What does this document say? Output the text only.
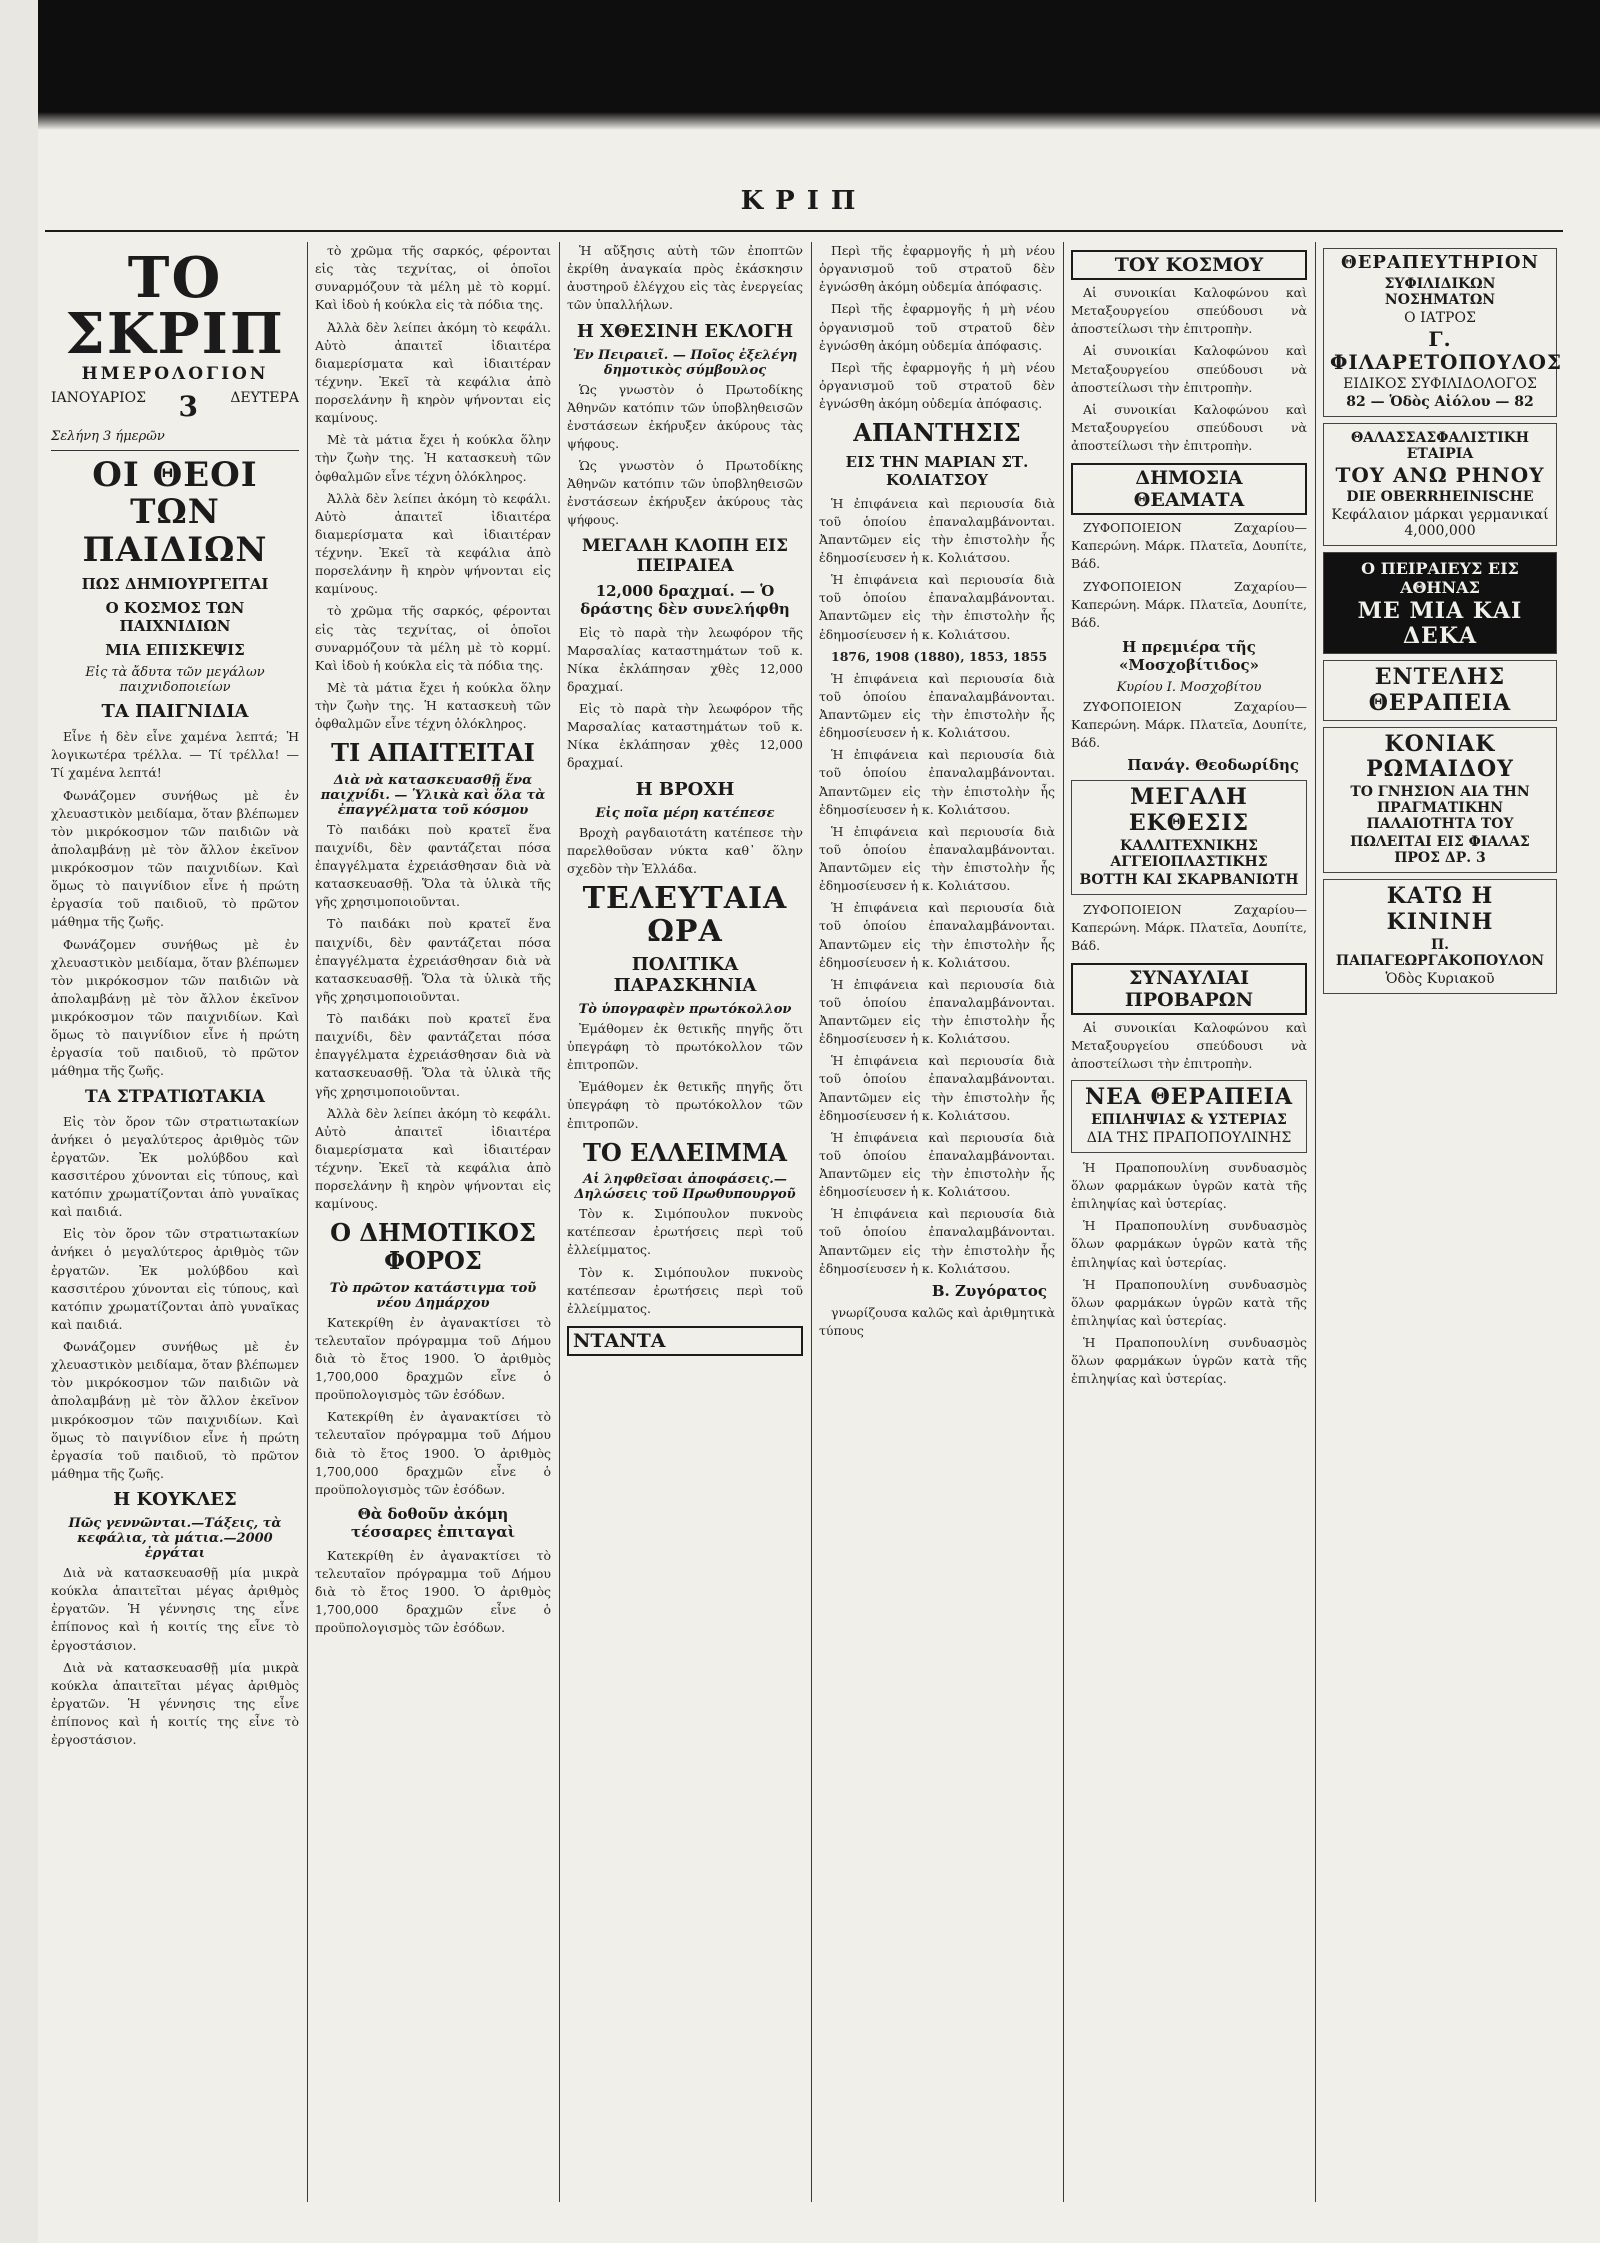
ΚΡΙΠ
ΤΟ ΣΚΡΙΠ
ΗΜΕΡΟΛΟΓΙΟΝ
ΙΑΝΟΥΑΡΙΟΣ 3 ΔΕΥΤΕΡΑ
Σελήνη 3 ήμερῶν
ΟΙ ΘΕΟΙ
ΤΩΝ ΠΑΙΔΙΩΝ
ΠΩΣ ΔΗΜΙΟΥΡΓΕΙΤΑΙ
Ο ΚΟΣΜΟΣ ΤΩΝ ΠΑΙΧΝΙΔΙΩΝ
ΜΙΑ ΕΠΙΣΚΕΨΙΣ
Εἰς τὰ ἄδυτα τῶν μεγάλων παιχνιδοποιείων
ΤΑ ΠΑΙΓΝΙΔΙΑ

Εἶνε ἡ δὲν εἶνε χαμένα λεπτά; Ἡ λογικωτέρα τρέλλα. — Τί τρέλλα! — Τί χαμένα λεπτά!

Φωνάζομεν συνήθως μὲ ἐν χλευαστικὸν μειδίαμα, ὅταν βλέπωμεν τὸν μικρόκοσμον τῶν παιδιῶν νὰ ἀπολαμβάνῃ μὲ τὸν ἄλλον ἐκεῖνον μικρόκοσμον τῶν παιχνιδίων. Καὶ ὅμως τὸ παιγνίδιον εἶνε ἡ πρώτη ἐργασία τοῦ παιδιοῦ, τὸ πρῶτον μάθημα τῆς ζωῆς.

Φωνάζομεν συνήθως μὲ ἐν χλευαστικὸν μειδίαμα, ὅταν βλέπωμεν τὸν μικρόκοσμον τῶν παιδιῶν νὰ ἀπολαμβάνῃ μὲ τὸν ἄλλον ἐκεῖνον μικρόκοσμον τῶν παιχνιδίων. Καὶ ὅμως τὸ παιγνίδιον εἶνε ἡ πρώτη ἐργασία τοῦ παιδιοῦ, τὸ πρῶτον μάθημα τῆς ζωῆς.

ΤΑ ΣΤΡΑΤΙΩΤΑΚΙΑ

Εἰς τὸν ὅρον τῶν στρατιωτακίων ἀνήκει ὁ μεγαλύτερος ἀριθμὸς τῶν ἐργατῶν. Ἐκ μολύβδου καὶ κασσιτέρου χύνονται εἰς τύπους, καὶ κατόπιν χρωματίζονται ἀπὸ γυναῖκας καὶ παιδιά.

Εἰς τὸν ὅρον τῶν στρατιωτακίων ἀνήκει ὁ μεγαλύτερος ἀριθμὸς τῶν ἐργατῶν. Ἐκ μολύβδου καὶ κασσιτέρου χύνονται εἰς τύπους, καὶ κατόπιν χρωματίζονται ἀπὸ γυναῖκας καὶ παιδιά.

Φωνάζομεν συνήθως μὲ ἐν χλευαστικὸν μειδίαμα, ὅταν βλέπωμεν τὸν μικρόκοσμον τῶν παιδιῶν νὰ ἀπολαμβάνῃ μὲ τὸν ἄλλον ἐκεῖνον μικρόκοσμον τῶν παιχνιδίων. Καὶ ὅμως τὸ παιγνίδιον εἶνε ἡ πρώτη ἐργασία τοῦ παιδιοῦ, τὸ πρῶτον μάθημα τῆς ζωῆς.

Η ΚΟΥΚΛΕΣ
Πῶς γεννῶνται.—Τάξεις, τὰ κεφάλια, τὰ μάτια.—2000 ἐργάται

Διὰ νὰ κατασκευασθῇ μία μικρὰ κούκλα ἀπαιτεῖται μέγας ἀριθμὸς ἐργατῶν. Ἡ γέννησις της εἶνε ἐπίπονος καὶ ἡ κοιτίς της εἶνε τὸ ἐργοστάσιον.

Διὰ νὰ κατασκευασθῇ μία μικρὰ κούκλα ἀπαιτεῖται μέγας ἀριθμὸς ἐργατῶν. Ἡ γέννησις της εἶνε ἐπίπονος καὶ ἡ κοιτίς της εἶνε τὸ ἐργοστάσιον.

τὸ χρῶμα τῆς σαρκός, φέρονται εἰς τὰς τεχνίτας, οἱ ὁποῖοι συναρμόζουν τὰ μέλη μὲ τὸ κορμί. Καὶ ἰδοὺ ἡ κούκλα εἰς τὰ πόδια της.

Ἀλλὰ δὲν λείπει ἀκόμη τὸ κεφάλι. Αὐτὸ ἀπαιτεῖ ἰδιαιτέρα διαμερίσματα καὶ ἰδιαιτέραν τέχνην. Ἐκεῖ τὰ κεφάλια ἀπὸ πορσελάνην ἢ κηρὸν ψήνονται εἰς καμίνους.

Μὲ τὰ μάτια ἔχει ἡ κούκλα ὅλην τὴν ζωὴν της. Ἡ κατασκευὴ τῶν ὀφθαλμῶν εἶνε τέχνη ὁλόκληρος.

Ἀλλὰ δὲν λείπει ἀκόμη τὸ κεφάλι. Αὐτὸ ἀπαιτεῖ ἰδιαιτέρα διαμερίσματα καὶ ἰδιαιτέραν τέχνην. Ἐκεῖ τὰ κεφάλια ἀπὸ πορσελάνην ἢ κηρὸν ψήνονται εἰς καμίνους.

τὸ χρῶμα τῆς σαρκός, φέρονται εἰς τὰς τεχνίτας, οἱ ὁποῖοι συναρμόζουν τὰ μέλη μὲ τὸ κορμί. Καὶ ἰδοὺ ἡ κούκλα εἰς τὰ πόδια της.

Μὲ τὰ μάτια ἔχει ἡ κούκλα ὅλην τὴν ζωὴν της. Ἡ κατασκευὴ τῶν ὀφθαλμῶν εἶνε τέχνη ὁλόκληρος.

ΤΙ ΑΠΑΙΤΕΙΤΑΙ
Διὰ νὰ κατασκευασθῇ ἕνα παιχνίδι. — Ὑλικὰ καὶ ὅλα τὰ ἐπαγγέλματα τοῦ κόσμου

Τὸ παιδάκι ποὺ κρατεῖ ἕνα παιχνίδι, δὲν φαντάζεται πόσα ἐπαγγέλματα ἐχρειάσθησαν διὰ νὰ κατασκευασθῇ. Ὅλα τὰ ὑλικὰ τῆς γῆς χρησιμοποιοῦνται.

Τὸ παιδάκι ποὺ κρατεῖ ἕνα παιχνίδι, δὲν φαντάζεται πόσα ἐπαγγέλματα ἐχρειάσθησαν διὰ νὰ κατασκευασθῇ. Ὅλα τὰ ὑλικὰ τῆς γῆς χρησιμοποιοῦνται.

Τὸ παιδάκι ποὺ κρατεῖ ἕνα παιχνίδι, δὲν φαντάζεται πόσα ἐπαγγέλματα ἐχρειάσθησαν διὰ νὰ κατασκευασθῇ. Ὅλα τὰ ὑλικὰ τῆς γῆς χρησιμοποιοῦνται.

Ἀλλὰ δὲν λείπει ἀκόμη τὸ κεφάλι. Αὐτὸ ἀπαιτεῖ ἰδιαιτέρα διαμερίσματα καὶ ἰδιαιτέραν τέχνην. Ἐκεῖ τὰ κεφάλια ἀπὸ πορσελάνην ἢ κηρὸν ψήνονται εἰς καμίνους.

Ο ΔΗΜΟΤΙΚΟΣ ΦΟΡΟΣ
Τὸ πρῶτον κατάστιγμα τοῦ νέου Δημάρχου

Κατεκρίθη ἐν ἀγανακτίσει τὸ τελευταῖον πρόγραμμα τοῦ Δήμου διὰ τὸ ἔτος 1900. Ὁ ἀριθμὸς 1,700,000 δραχμῶν εἶνε ὁ προϋπολογισμὸς τῶν ἐσόδων.

Κατεκρίθη ἐν ἀγανακτίσει τὸ τελευταῖον πρόγραμμα τοῦ Δήμου διὰ τὸ ἔτος 1900. Ὁ ἀριθμὸς 1,700,000 δραχμῶν εἶνε ὁ προϋπολογισμὸς τῶν ἐσόδων.

Θὰ δοθοῦν ἀκόμη τέσσαρες ἐπιταγαὶ

Κατεκρίθη ἐν ἀγανακτίσει τὸ τελευταῖον πρόγραμμα τοῦ Δήμου διὰ τὸ ἔτος 1900. Ὁ ἀριθμὸς 1,700,000 δραχμῶν εἶνε ὁ προϋπολογισμὸς τῶν ἐσόδων.

Ἡ αὔξησις αὐτὴ τῶν ἐποπτῶν ἐκρίθη ἀναγκαία πρὸς ἐκάσκησιν ἀυστηροῦ ἐλέγχου εἰς τὰς ἐνεργείας τῶν ὑπαλλήλων.

Η ΧΘΕΣΙΝΗ ΕΚΛΟΓΗ
Ἐν Πειραιεῖ. — Ποῖος ἐξελέγη δημοτικὸς σύμβουλος

Ὡς γνωστὸν ὁ Πρωτοδίκης Ἀθηνῶν κατόπιν τῶν ὑποβληθεισῶν ἐνστάσεων ἐκήρυξεν ἀκύρους τὰς ψήφους.

Ὡς γνωστὸν ὁ Πρωτοδίκης Ἀθηνῶν κατόπιν τῶν ὑποβληθεισῶν ἐνστάσεων ἐκήρυξεν ἀκύρους τὰς ψήφους.

ΜΕΓΑΛΗ ΚΛΟΠΗ ΕΙΣ ΠΕΙΡΑΙΕΑ
12,000 δραχμαί. — Ὁ δράστης δὲν συνελήφθη

Εἰς τὸ παρὰ τὴν λεωφόρον τῆς Μαρσαλίας καταστημάτων τοῦ κ. Νίκα ἐκλάπησαν χθὲς 12,000 δραχμαί.

Εἰς τὸ παρὰ τὴν λεωφόρον τῆς Μαρσαλίας καταστημάτων τοῦ κ. Νίκα ἐκλάπησαν χθὲς 12,000 δραχμαί.

Η ΒΡΟΧΗ
Εἰς ποῖα μέρη κατέπεσε

Βροχὴ ραγδαιοτάτη κατέπεσε τὴν παρελθοῦσαν νύκτα καθ᾽ ὅλην σχεδὸν τὴν Ἑλλάδα.

ΤΕΛΕΥΤΑΙΑ ΩΡΑ
ΠΟΛΙΤΙΚΑ ΠΑΡΑΣΚΗΝΙΑ
Τὸ ὑπογραφὲν πρωτόκολλον

Ἐμάθομεν ἐκ θετικῆς πηγῆς ὅτι ὑπεγράφη τὸ πρωτόκολλον τῶν ἐπιτροπῶν.

Ἐμάθομεν ἐκ θετικῆς πηγῆς ὅτι ὑπεγράφη τὸ πρωτόκολλον τῶν ἐπιτροπῶν.

ΤΟ ΕΛΛΕΙΜΜΑ
Αἱ ληφθεῖσαι ἀποφάσεις.— Δηλώσεις τοῦ Πρωθυπουργοῦ

Τὸν κ. Σιμόπουλον πυκνοὺς κατέπεσαν ἐρωτήσεις περὶ τοῦ ἐλλείμματος.

Τὸν κ. Σιμόπουλον πυκνοὺς κατέπεσαν ἐρωτήσεις περὶ τοῦ ἐλλείμματος.

ΝΤΑΝΤΑ

Περὶ τῆς ἐφαρμογῆς ἡ μὴ νέου ὀργανισμοῦ τοῦ στρατοῦ δὲν ἐγνώσθη ἀκόμη οὐδεμία ἀπόφασις.

Περὶ τῆς ἐφαρμογῆς ἡ μὴ νέου ὀργανισμοῦ τοῦ στρατοῦ δὲν ἐγνώσθη ἀκόμη οὐδεμία ἀπόφασις.

Περὶ τῆς ἐφαρμογῆς ἡ μὴ νέου ὀργανισμοῦ τοῦ στρατοῦ δὲν ἐγνώσθη ἀκόμη οὐδεμία ἀπόφασις.

ΑΠΑΝΤΗΣΙΣ
ΕΙΣ ΤΗΝ ΜΑΡΙΑΝ ΣΤ. ΚΟΛΙΑΤΣΟΥ

Ἡ ἐπιφάνεια καὶ περιουσία διὰ τοῦ ὁποίου ἐπαναλαμβάνονται. Ἀπαντῶμεν εἰς τὴν ἐπιστολὴν ἧς ἐδημοσίευσεν ἡ κ. Κολιάτσου.

Ἡ ἐπιφάνεια καὶ περιουσία διὰ τοῦ ὁποίου ἐπαναλαμβάνονται. Ἀπαντῶμεν εἰς τὴν ἐπιστολὴν ἧς ἐδημοσίευσεν ἡ κ. Κολιάτσου.

1876, 1908 (1880), 1853, 1855

Ἡ ἐπιφάνεια καὶ περιουσία διὰ τοῦ ὁποίου ἐπαναλαμβάνονται. Ἀπαντῶμεν εἰς τὴν ἐπιστολὴν ἧς ἐδημοσίευσεν ἡ κ. Κολιάτσου.

Ἡ ἐπιφάνεια καὶ περιουσία διὰ τοῦ ὁποίου ἐπαναλαμβάνονται. Ἀπαντῶμεν εἰς τὴν ἐπιστολὴν ἧς ἐδημοσίευσεν ἡ κ. Κολιάτσου.

Ἡ ἐπιφάνεια καὶ περιουσία διὰ τοῦ ὁποίου ἐπαναλαμβάνονται. Ἀπαντῶμεν εἰς τὴν ἐπιστολὴν ἧς ἐδημοσίευσεν ἡ κ. Κολιάτσου.

Ἡ ἐπιφάνεια καὶ περιουσία διὰ τοῦ ὁποίου ἐπαναλαμβάνονται. Ἀπαντῶμεν εἰς τὴν ἐπιστολὴν ἧς ἐδημοσίευσεν ἡ κ. Κολιάτσου.

Ἡ ἐπιφάνεια καὶ περιουσία διὰ τοῦ ὁποίου ἐπαναλαμβάνονται. Ἀπαντῶμεν εἰς τὴν ἐπιστολὴν ἧς ἐδημοσίευσεν ἡ κ. Κολιάτσου.

Ἡ ἐπιφάνεια καὶ περιουσία διὰ τοῦ ὁποίου ἐπαναλαμβάνονται. Ἀπαντῶμεν εἰς τὴν ἐπιστολὴν ἧς ἐδημοσίευσεν ἡ κ. Κολιάτσου.

Ἡ ἐπιφάνεια καὶ περιουσία διὰ τοῦ ὁποίου ἐπαναλαμβάνονται. Ἀπαντῶμεν εἰς τὴν ἐπιστολὴν ἧς ἐδημοσίευσεν ἡ κ. Κολιάτσου.

Ἡ ἐπιφάνεια καὶ περιουσία διὰ τοῦ ὁποίου ἐπαναλαμβάνονται. Ἀπαντῶμεν εἰς τὴν ἐπιστολὴν ἧς ἐδημοσίευσεν ἡ κ. Κολιάτσου.

Β. Ζυγόρατος

γνωρίζουσα καλῶς καὶ ἀριθμητικὰ τύπους

ΤΟΥ ΚΟΣΜΟΥ

Αἱ συνοικίαι Καλοφώνου καὶ Μεταξουργείου σπεύδουσι νὰ ἀποστείλωσι τὴν ἐπιτροπὴν.

Αἱ συνοικίαι Καλοφώνου καὶ Μεταξουργείου σπεύδουσι νὰ ἀποστείλωσι τὴν ἐπιτροπὴν.

Αἱ συνοικίαι Καλοφώνου καὶ Μεταξουργείου σπεύδουσι νὰ ἀποστείλωσι τὴν ἐπιτροπὴν.

ΔΗΜΟΣΙΑ ΘΕΑΜΑΤΑ

ΖΥΦΟΠΟΙΕΙΟΝ Ζαχαρίου—Καπερώνη. Μάρκ. Πλατεῖα, Δουπίτε, Βάδ.

ΖΥΦΟΠΟΙΕΙΟΝ Ζαχαρίου—Καπερώνη. Μάρκ. Πλατεῖα, Δουπίτε, Βάδ.

Η πρεμιέρα τῆς «Μοσχοβίτιδος»
Κυρίου Ι. Μοσχοβίτου

ΖΥΦΟΠΟΙΕΙΟΝ Ζαχαρίου—Καπερώνη. Μάρκ. Πλατεῖα, Δουπίτε, Βάδ.

Πανάγ. Θεοδωρίδης
ΜΕΓΑΛΗ ΕΚΘΕΣΙΣ
ΚΑΛΛΙΤΕΧΝΙΚΗΣ ΑΓΓΕΙΟΠΛΑΣΤΙΚΗΣ
ΒΟΤΤΗ ΚΑΙ ΣΚΑΡΒΑΝΙΩΤΗ

ΖΥΦΟΠΟΙΕΙΟΝ Ζαχαρίου—Καπερώνη. Μάρκ. Πλατεῖα, Δουπίτε, Βάδ.

ΣΥΝΑΥΛΙΑΙ ΠΡΟΒΑΡΩΝ

Αἱ συνοικίαι Καλοφώνου καὶ Μεταξουργείου σπεύδουσι νὰ ἀποστείλωσι τὴν ἐπιτροπὴν.

ΝΕΑ ΘΕΡΑΠΕΙΑ
ΕΠΙΛΗΨΙΑΣ & ΥΣΤΕΡΙΑΣ
ΔΙΑ ΤΗΣ ΠΡΑΠΟΠΟΥΛΙΝΗΣ

Ἡ Πραποπουλίνη συνδυασμὸς ὅλων φαρμάκων ὑγρῶν κατὰ τῆς ἐπιληψίας καὶ ὑστερίας.

Ἡ Πραποπουλίνη συνδυασμὸς ὅλων φαρμάκων ὑγρῶν κατὰ τῆς ἐπιληψίας καὶ ὑστερίας.

Ἡ Πραποπουλίνη συνδυασμὸς ὅλων φαρμάκων ὑγρῶν κατὰ τῆς ἐπιληψίας καὶ ὑστερίας.

Ἡ Πραποπουλίνη συνδυασμὸς ὅλων φαρμάκων ὑγρῶν κατὰ τῆς ἐπιληψίας καὶ ὑστερίας.

ΘΕΡΑΠΕΥΤΗΡΙΟΝ
ΣΥΦΙΛΙΔΙΚΩΝ ΝΟΣΗΜΑΤΩΝ
Ο ΙΑΤΡΟΣ
Γ. ΦΙΛΑΡΕΤΟΠΟΥΛΟΣ
ΕΙΔΙΚΟΣ ΣΥΦΙΛΙΔΟΛΟΓΟΣ
82 — Ὁδὸς Αἰόλου — 82
ΘΑΛΑΣΣΑΣΦΑΛΙΣΤΙΚΗ ΕΤΑΙΡΙΑ
ΤΟΥ ΑΝΩ ΡΗΝΟΥ
DIE OBERRHEINISCHE
Κεφάλαιον μάρκαι γερμανικαί 4,000,000
Ο ΠΕΙΡΑΙΕΥΣ ΕΙΣ ΑΘΗΝΑΣ
ΜΕ ΜΙΑ ΚΑΙ ΔΕΚΑ
ΕΝΤΕΛΗΣ ΘΕΡΑΠΕΙΑ
ΚΟΝΙΑΚ ΡΩΜΑΙΔΟΥ
ΤΟ ΓΝΗΣΙΟΝ ΑΙΑ ΤΗΝ ΠΡΑΓΜΑΤΙΚΗΝ ΠΑΛΑΙΟΤΗΤΑ ΤΟΥ
ΠΩΛΕΙΤΑΙ ΕΙΣ ΦΙΑΛΑΣ ΠΡΟΣ ΔΡ. 3
ΚΑΤΩ Η ΚΙΝΙΝΗ
Π. ΠΑΠΑΓΕΩΡΓΑΚΟΠΟΥΛΟΝ
Ὁδὸς Κυριακοῦ
